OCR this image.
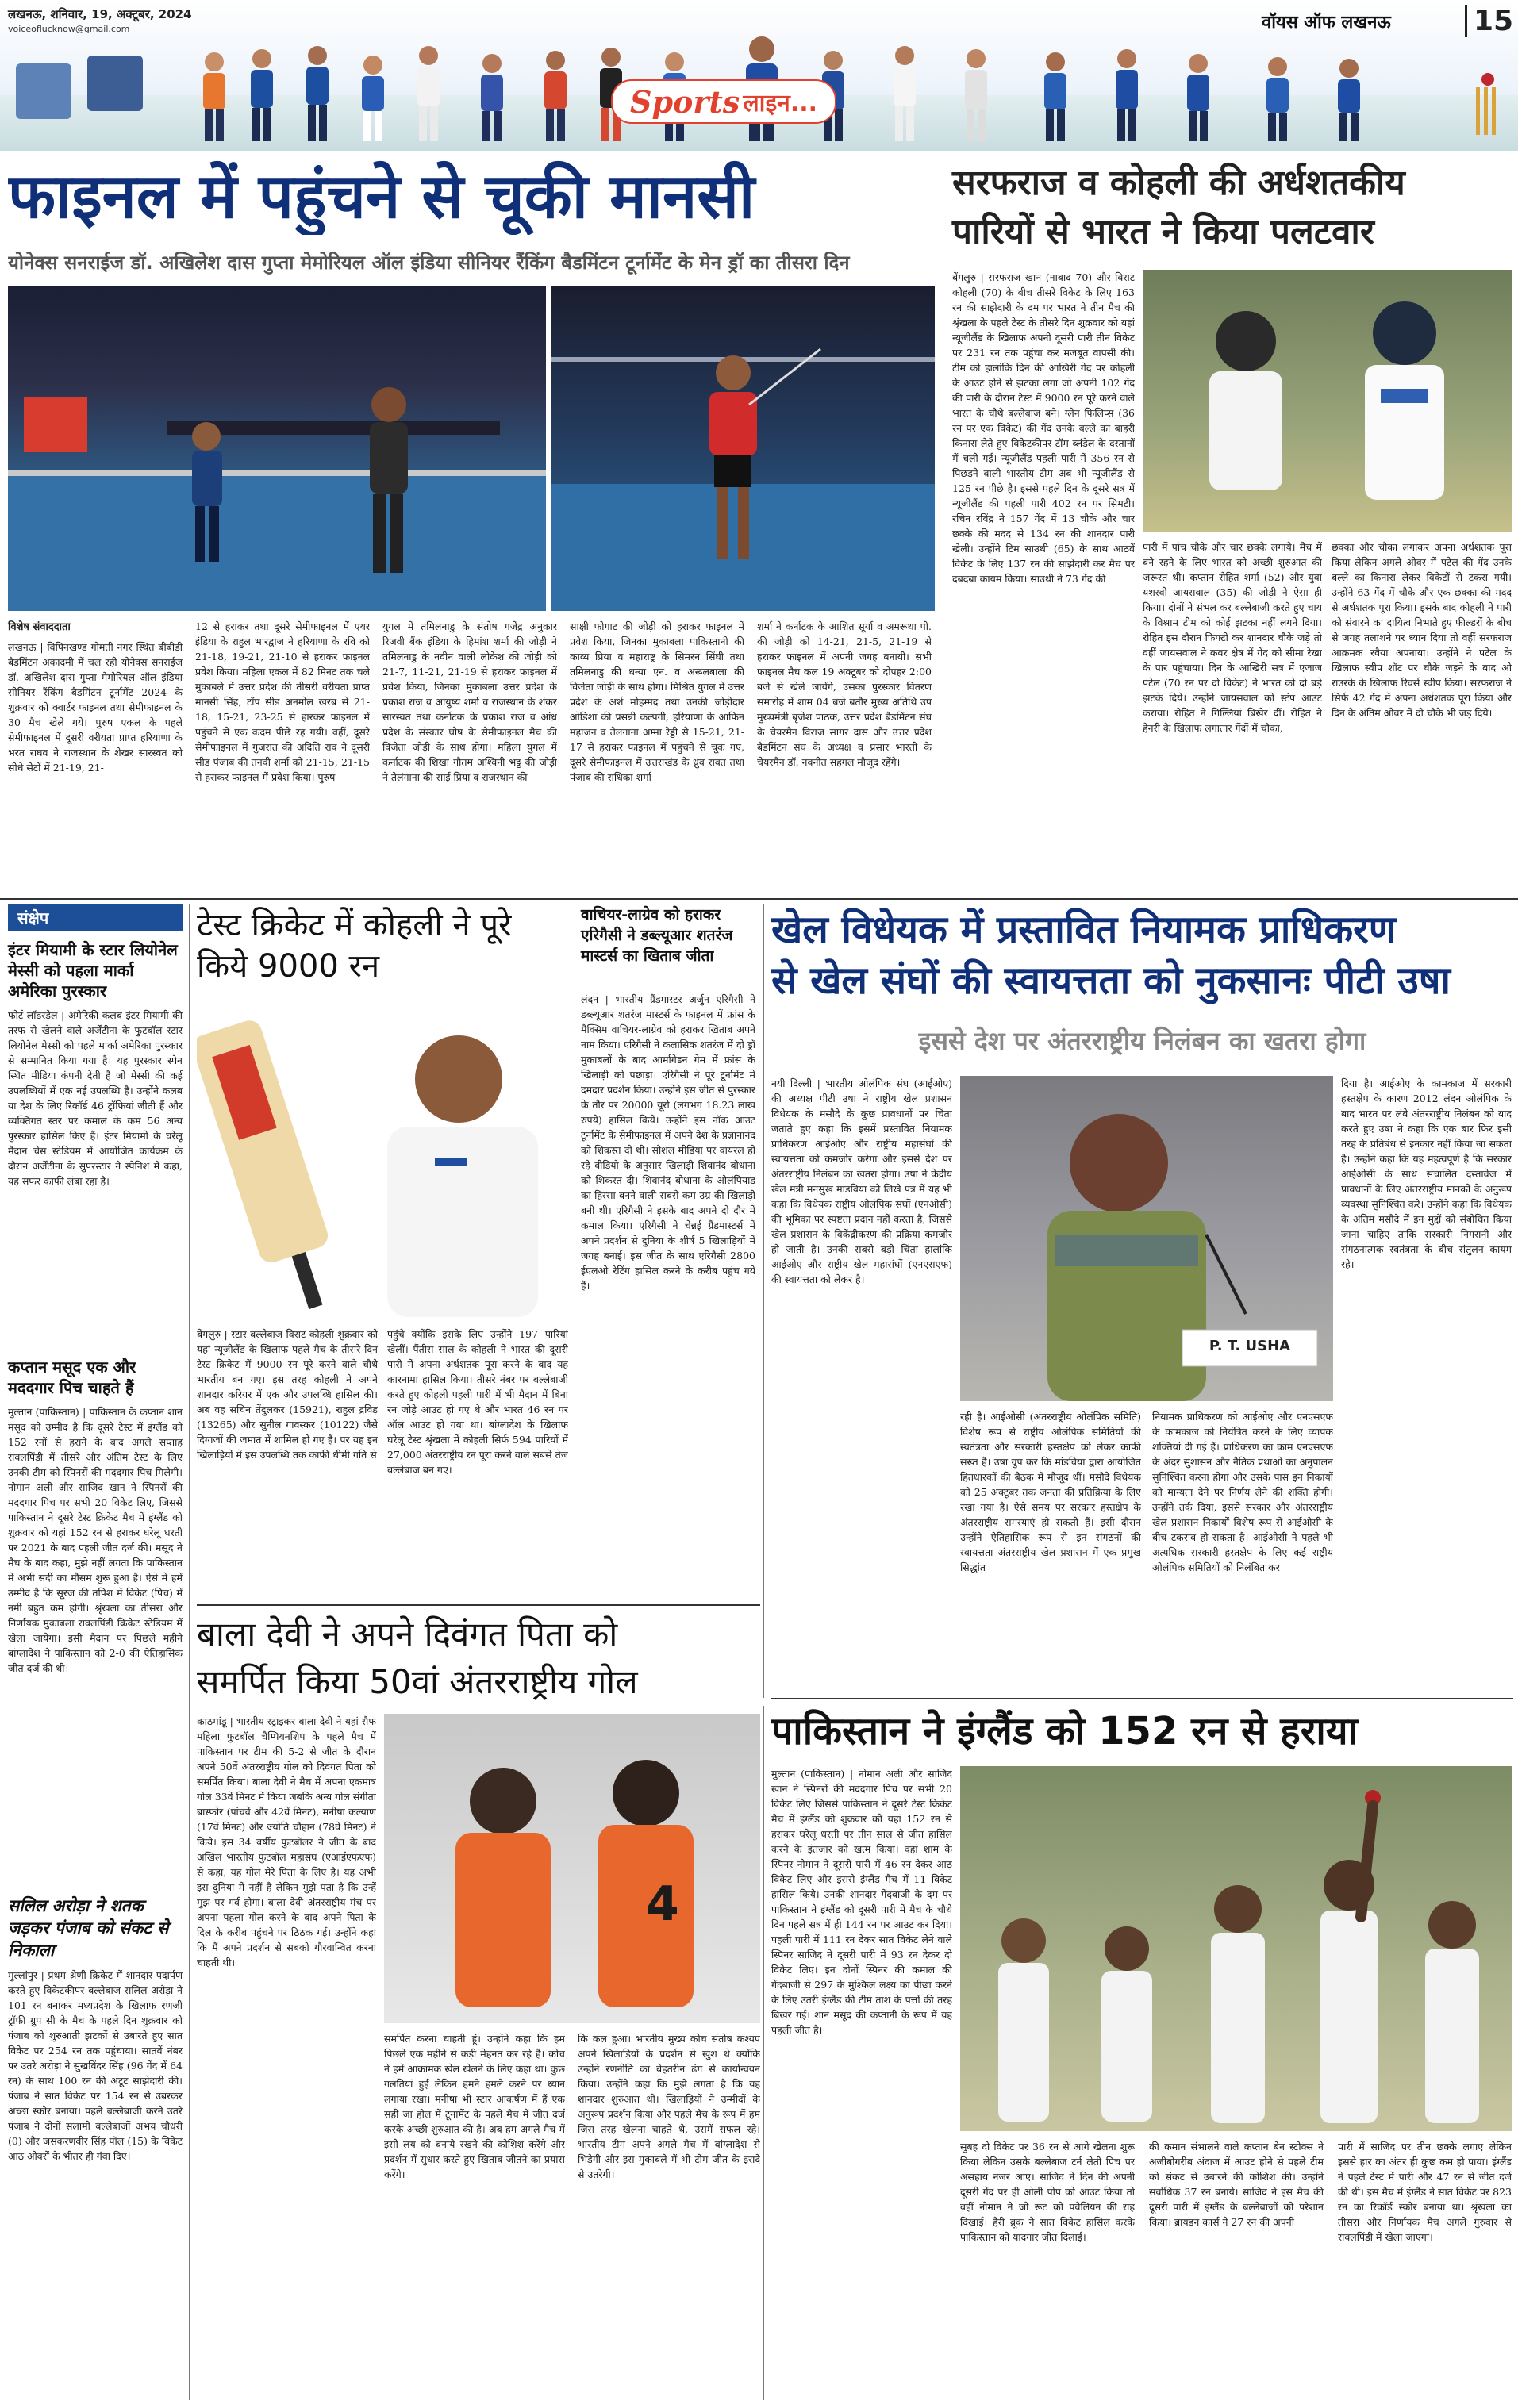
लखनऊ, शनिवार, 19, अक्टूबर, 2024
voiceoflucknow@gmail.com	वॉयस ऑफ लखनऊ	15
Sports लाइन...
फाइनल में पहुंचने से चूकी मानसी
योनेक्स सनराईज डॉ. अखिलेश दास गुप्ता मेमोरियल ऑल इंडिया सीनियर रैंकिंग बैडमिंटन टूर्नामेंट के मेन ड्रॉ का तीसरा दिन
विशेष संवाददाता
लखनऊ | विपिनखण्ड गोमती नगर स्थित बीबीडी बैडमिंटन अकादमी में चल रही योनेक्स सनराईज डॉ. अखिलेश दास गुप्ता मेमोरियल ऑल इंडिया सीनियर रैंकिंग बैडमिंटन टूर्नामेंट 2024 के शुक्रवार को क्वार्टर फाइनल तथा सेमीफाइनल के 30 मैच खेले गये। पुरुष एकल के पहले सेमीफाइनल में दूसरी वरीयता प्राप्त हरियाणा के भरत राघव ने राजस्थान के शेखर सारस्वत को सीधे सेटों में 21-19, 21-
12 से हराकर तथा दूसरे सेमीफाइनल में एयर इंडिया के राहुल भारद्वाज ने हरियाणा के रवि को 21-18, 19-21, 21-10 से हराकर फाइनल प्रवेश किया। महिला एकल में 82 मिनट तक चले मुकाबले में उत्तर प्रदेश की तीसरी वरीयता प्राप्त मानसी सिंह, टॉप सीड अनमोल खरब से 21-18, 15-21, 23-25 से हारकर फाइनल में पहुंचने से एक कदम पीछे रह गयी। वहीं, दूसरे सेमीफाइनल में गुजरात की अदिति राव ने दूसरी सीड पंजाब की तनवी शर्मा को 21-15, 21-15 से हराकर फाइनल में प्रवेश किया। पुरुष
युगल में तमिलनाडु के संतोष गजेंद्र अनुकार रिजवी बैंक इंडिया के हिमांश शर्मा की जोड़ी ने तमिलनाडु के नवीन वाली लोकेश की जोड़ी को 21-7, 11-21, 21-19 से हराकर फाइनल में प्रवेश किया, जिनका मुकाबला उत्तर प्रदेश के प्रकाश राज व आयुष्य शर्मा व राजस्थान के शंकर सारस्वत तथा कर्नाटक के प्रकाश राज व आंध्र प्रदेश के संस्कार घोष के सेमीफाइनल मैच की विजेता जोड़ी के साथ होगा। महिला युगल में कर्नाटक की शिखा गौतम अश्विनी भट्ट की जोड़ी ने तेलंगाना की साई प्रिया व राजस्थान की
साक्षी फोगाट की जोड़ी को हराकर फाइनल में प्रवेश किया, जिनका मुकाबला पाकिस्तानी की काव्य प्रिया व महाराष्ट्र के सिमरन सिंघी तथा तमिलनाडु की धन्या एन. व अरूलबाला की विजेता जोड़ी के साथ होगा। मिश्रित युगल में उत्तर प्रदेश के अर्श मोहम्मद तथा उनकी जोड़ीदार ओडिशा की प्रसन्नी कल्पगी, हरियाणा के आफिन महाजन व तेलंगाना अम्मा रेड्डी से 15-21, 21-17 से हराकर फाइनल में पहुंचने से चूक गए, दूसरे सेमीफाइनल में उत्तराखंड के ध्रुव रावत तथा पंजाब की राधिका शर्मा
शर्मा ने कर्नाटक के आशित सूर्या व अमरूथा पी. की जोड़ी को 14-21, 21-5, 21-19 से हराकर फाइनल में अपनी जगह बनायी। सभी फाइनल मैच कल 19 अक्टूबर को दोपहर 2:00 बजे से खेले जायेंगे, उसका पुरस्कार वितरण समारोह में शाम 04 बजे बतौर मुख्य अतिथि उप मुख्यमंत्री बृजेश पाठक, उत्तर प्रदेश बैडमिंटन संघ के चेयरमैन विराज सागर दास और उत्तर प्रदेश बैडमिंटन संघ के अध्यक्ष व प्रसार भारती के चेयरमैन डॉ. नवनीत सहगल मौजूद रहेंगे।
सरफराज व कोहली की अर्धशतकीय
पारियों से भारत ने किया पलटवार
बेंगलुरु | सरफराज खान (नाबाद 70) और विराट कोहली (70) के बीच तीसरे विकेट के लिए 163 रन की साझेदारी के दम पर भारत ने तीन मैच की श्रृंखला के पहले टेस्ट के तीसरे दिन शुक्रवार को यहां न्यूजीलैंड के खिलाफ अपनी दूसरी पारी तीन विकेट पर 231 रन तक पहुंचा कर मजबूत वापसी की। टीम को हालांकि दिन की आखिरी गेंद पर कोहली के आउट होने से झटका लगा जो अपनी 102 गेंद की पारी के दौरान टेस्ट में 9000 रन पूरे करने वाले भारत के चौथे बल्लेबाज बने। ग्लेन फिलिप्स (36 रन पर एक विकेट) की गेंद उनके बल्ले का बाहरी किनारा लेते हुए विकेटकीपर टॉम ब्लंडेल के दस्तानों में चली गई। न्यूजीलैंड पहली पारी में 356 रन से पिछड़ने वाली भारतीय टीम अब भी न्यूजीलैंड से 125 रन पीछे है। इससे पहले दिन के दूसरे सत्र में न्यूजीलैंड की पहली पारी 402 रन पर सिमटी। रचिन रविंद्र ने 157 गेंद में 13 चौके और चार छक्के की मदद से 134 रन की शानदार पारी खेली। उन्होंने टिम साउथी (65) के साथ आठवें विकेट के लिए 137 रन की साझेदारी कर मैच पर दबदबा कायम किया। साउथी ने 73 गेंद की
पारी में पांच चौके और चार छक्के लगाये। मैच में बने रहने के लिए भारत को अच्छी शुरुआत की जरूरत थी। कप्तान रोहित शर्मा (52) और युवा यशस्वी जायसवाल (35) की जोड़ी ने ऐसा ही किया। दोनों ने संभल कर बल्लेबाजी करते हुए चाय के विश्राम टीम को कोई झटका नहीं लगने दिया। रोहित इस दौरान फिफ्टी कर शानदार चौके जड़े तो वहीं जायसवाल ने कवर क्षेत्र में गेंद को सीमा रेखा के पार पहुंचाया। दिन के आखिरी सत्र में एजाज पटेल (70 रन पर दो विकेट) ने भारत को दो बड़े झटके दिये। उन्होंने जायसवाल को स्टंप आउट कराया। रोहित ने गिल्लियां बिखेर दीं। रोहित ने हेनरी के खिलाफ लगातार गेंदों में चौका,
छक्का और चौका लगाकर अपना अर्धशतक पूरा किया लेकिन अगले ओवर में पटेल की गेंद उनके बल्ले का किनारा लेकर विकेटों से टकरा गयी। उन्होंने 63 गेंद में चौके और एक छक्का की मदद से अर्धशतक पूरा किया। इसके बाद कोहली ने पारी को संवारने का दायित्व निभाते हुए फील्डरों के बीच से जगह तलाशने पर ध्यान दिया तो वहीं सरफराज आक्रमक रवैया अपनाया। उन्होंने ने पटेल के खिलाफ स्वीप शॉट पर चौके जड़ने के बाद ओ राउरके के खिलाफ रिवर्स स्वीप किया। सरफराज ने सिर्फ 42 गेंद में अपना अर्धशतक पूरा किया और दिन के अंतिम ओवर में दो चौके भी जड़ दिये।
संक्षेप
इंटर मियामी के स्टार लियोनेल मेस्सी को पहला मार्का अमेरिका पुरस्कार
फोर्ट लॉडरडेल | अमेरिकी कलब इंटर मियामी की तरफ से खेलने वाले अर्जेंटीना के फुटबॉल स्टार लियोनेल मेस्सी को पहले मार्का अमेरिका पुरस्कार से सम्मानित किया गया है। यह पुरस्कार स्पेन स्थित मीडिया कंपनी देती है जो मेस्सी की कई उपलब्धियों में एक नई उपलब्धि है। उन्होंने कलब या देश के लिए रिकॉर्ड 46 ट्रॉफियां जीती हैं और व्यक्तिगत स्तर पर कमाल के कम 56 अन्य पुरस्कार हासिल किए हैं। इंटर मियामी के घरेलू मैदान चेस स्टेडियम में आयोजित कार्यक्रम के दौरान अर्जेंटीना के सुपरस्टार ने स्पेनिश में कहा, यह सफर काफी लंबा रहा है।
कप्तान मसूद एक और मददगार पिच चाहते हैं
मुल्तान (पाकिस्तान) | पाकिस्तान के कप्तान शान मसूद को उम्मीद है कि दूसरे टेस्ट में इंग्लैंड को 152 रनों से हराने के बाद अगले सप्ताह रावलपिंडी में तीसरे और अंतिम टेस्ट के लिए उनकी टीम को स्पिनरों की मददगार पिच मिलेगी। नोमान अली और साजिद खान ने स्पिनरों की मददगार पिच पर सभी 20 विकेट लिए, जिससे पाकिस्तान ने दूसरे टेस्ट क्रिकेट मैच में इंग्लैंड को शुक्रवार को यहां 152 रन से हराकर घरेलू धरती पर 2021 के बाद पहली जीत दर्ज की। मसूद ने मैच के बाद कहा, मुझे नहीं लगता कि पाकिस्तान में अभी सर्दी का मौसम शुरू हुआ है। ऐसे में हमें उम्मीद है कि सूरज की तपिश में विकेट (पिच) में नमी बहुत कम होगी। श्रृंखला का तीसरा और निर्णायक मुकाबला रावलपिंडी क्रिकेट स्टेडियम में खेला जायेगा। इसी मैदान पर पिछले महीने बांग्लादेश ने पाकिस्तान को 2-0 की ऐतिहासिक जीत दर्ज की थी।
सलिल अरोड़ा ने शतक जड़कर पंजाब को संकट से निकाला
मुल्लांपुर | प्रथम श्रेणी क्रिकेट में शानदार पदार्पण करते हुए विकेटकीपर बल्लेबाज सलिल अरोड़ा ने 101 रन बनाकर मध्यप्रदेश के खिलाफ रणजी ट्रॉफी ग्रुप सी के मैच के पहले दिन शुक्रवार को पंजाब को शुरुआती झटकों से उबारते हुए सात विकेट पर 254 रन तक पहुंचाया। सातवें नंबर पर उतरे अरोड़ा ने सुखविंदर सिंह (96 गेंद में 64 रन) के साथ 100 रन की अटूट साझेदारी की। पंजाब ने सात विकेट पर 154 रन से उबरकर अच्छा स्कोर बनाया। पहले बल्लेबाजी करने उतरे पंजाब ने दोनों सलामी बल्लेबाजों अभय चौधरी (0) और जसकरणवीर सिंह पॉल (15) के विकेट आठ ओवरों के भीतर ही गंवा दिए।
टेस्ट क्रिकेट में कोहली ने पूरे किये 9000 रन
बेंगलुरु | स्टार बल्लेबाज विराट कोहली शुक्रवार को यहां न्यूजीलैंड के खिलाफ पहले मैच के तीसरे दिन टेस्ट क्रिकेट में 9000 रन पूरे करने वाले चौथे भारतीय बन गए। इस तरह कोहली ने अपने शानदार करियर में एक और उपलब्धि हासिल की। अब वह सचिन तेंदुलकर (15921), राहुल द्रविड़ (13265) और सुनील गावस्कर (10122) जैसे दिग्गजों की जमात में शामिल हो गए हैं। पर यह इन खिलाड़ियों में इस उपलब्धि तक काफी धीमी गति से
पहुंचे क्योंकि इसके लिए उन्होंने 197 पारियां खेलीं। पैंतीस साल के कोहली ने भारत की दूसरी पारी में अपना अर्धशतक पूरा करने के बाद यह कारनामा हासिल किया। तीसरे नंबर पर बल्लेबाजी करते हुए कोहली पहली पारी में भी मैदान में बिना रन जोड़े आउट हो गए थे और भारत 46 रन पर ऑल आउट हो गया था। बांग्लादेश के खिलाफ घरेलू टेस्ट श्रृंखला में कोहली सिर्फ 594 पारियों में 27,000 अंतरराष्ट्रीय रन पूरा करने वाले सबसे तेज बल्लेबाज बन गए।
वाचियर-लाग्रेव को हराकर एरिगैसी ने डब्ल्यूआर शतरंज मास्टर्स का खिताब जीता
लंदन | भारतीय ग्रैंडमास्टर अर्जुन एरिगैसी ने डब्ल्यूआर शतरंज मास्टर्स के फाइनल में फ्रांस के मैक्सिम वाचियर-लाग्रेव को हराकर खिताब अपने नाम किया। एरिगैसी ने कलासिक शतरंज में दो ड्रॉ मुकाबलों के बाद आर्मागेडन गेम में फ्रांस के खिलाड़ी को पछाड़ा। एरिगैसी ने पूरे टूर्नामेंट में दमदार प्रदर्शन किया। उन्होंने इस जीत से पुरस्कार के तौर पर 20000 यूरो (लगभग 18.23 लाख रुपये) हासिल किये। उन्होंने इस नॉक आउट टूर्नामेंट के सेमीफाइनल में अपने देश के प्रज्ञानानंद को शिकस्त दी थी। सोशल मीडिया पर वायरल हो रहे वीडियो के अनुसार खिलाड़ी शिवानंद बोधाना को शिकस्त दी। शिवानंद बोधाना के ओलंपियाड का हिस्सा बनने वाली सबसे कम उम्र की खिलाड़ी बनी थी। एरिगैसी ने इसके बाद अपने दो दौर में कमाल किया। एरिगैसी ने चेन्नई ग्रैंडमास्टर्स में अपने प्रदर्शन से दुनिया के शीर्ष 5 खिलाड़ियों में जगह बनाई। इस जीत के साथ एरिगैसी 2800 ईएलओ रेटिंग हासिल करने के करीब पहुंच गये हैं।
खेल विधेयक में प्रस्तावित नियामक प्राधिकरण
से खेल संघों की स्वायत्तता को नुकसानः पीटी उषा
इससे देश पर अंतरराष्ट्रीय निलंबन का खतरा होगा
नयी दिल्ली | भारतीय ओलंपिक संघ (आईओए) की अध्यक्ष पीटी उषा ने राष्ट्रीय खेल प्रशासन विधेयक के मसौदे के कुछ प्रावधानों पर चिंता जताते हुए कहा कि इसमें प्रस्तावित नियामक प्राधिकरण आईओए और राष्ट्रीय महासंघों की स्वायत्तता को कमजोर करेगा और इससे देश पर अंतरराष्ट्रीय निलंबन का खतरा होगा। उषा ने केंद्रीय खेल मंत्री मनसुख मांडविया को लिखे पत्र में यह भी कहा कि विधेयक राष्ट्रीय ओलंपिक संघों (एनओसी) की भूमिका पर स्पष्टता प्रदान नहीं करता है, जिससे खेल प्रशासन के विकेंद्रीकरण की प्रक्रिया कमजोर हो जाती है। उनकी सबसे बड़ी चिंता हालांकि आईओए और राष्ट्रीय खेल महासंघों (एनएसएफ) की स्वायत्तता को लेकर है।
P. T. USHA
रही है। आईओसी (अंतरराष्ट्रीय ओलंपिक समिति) विशेष रूप से राष्ट्रीय ओलंपिक समितियों की स्वतंत्रता और सरकारी हस्तक्षेप को लेकर काफी सख्त है। उषा ग्रुप कर कि मांडविया द्वारा आयोजित हितधारकों की बैठक में मौजूद थीं। मसौदे विधेयक को 25 अक्टूबर तक जनता की प्रतिक्रिया के लिए रखा गया है। ऐसे समय पर सरकार हस्तक्षेप के अंतरराष्ट्रीय समस्याएं हो सकती हैं। इसी दौरान उन्होंने ऐतिहासिक रूप से इन संगठनों की स्वायत्तता अंतरराष्ट्रीय खेल प्रशासन में एक प्रमुख सिद्धांत
नियामक प्राधिकरण को आईओए और एनएसएफ के कामकाज को नियंत्रित करने के लिए व्यापक शक्तियां दी गई हैं। प्राधिकरण का काम एनएसएफ के अंदर सुशासन और नैतिक प्रथाओं का अनुपालन सुनिश्चित करना होगा और उसके पास इन निकायों को मान्यता देने पर निर्णय लेने की शक्ति होगी। उन्होंने तर्क दिया, इससे सरकार और अंतरराष्ट्रीय खेल प्रशासन निकायों विशेष रूप से आईओसी के बीच टकराव हो सकता है। आईओसी ने पहले भी अत्यधिक सरकारी हस्तक्षेप के लिए कई राष्ट्रीय ओलंपिक समितियों को निलंबित कर
दिया है। आईओए के कामकाज में सरकारी हस्तक्षेप के कारण 2012 लंदन ओलंपिक के बाद भारत पर लंबे अंतरराष्ट्रीय निलंबन को याद करते हुए उषा ने कहा कि एक बार फिर इसी तरह के प्रतिबंध से इनकार नहीं किया जा सकता है। उन्होंने कहा कि यह महत्वपूर्ण है कि सरकार आईओसी के साथ संचालित दस्तावेज में प्रावधानों के लिए अंतरराष्ट्रीय मानकों के अनुरूप व्यवस्था सुनिश्चित करे। उन्होंने कहा कि विधेयक के अंतिम मसौदे में इन मुद्दों को संबोधित किया जाना चाहिए ताकि सरकारी निगरानी और संगठनात्मक स्वतंत्रता के बीच संतुलन कायम रहे।
बाला देवी ने अपने दिवंगत पिता को
समर्पित किया 50वां अंतरराष्ट्रीय गोल
काठमांडू | भारतीय स्ट्राइकर बाला देवी ने यहां सैफ महिला फुटबॉल चैम्पियनशिप के पहले मैच में पाकिस्तान पर टीम की 5-2 से जीत के दौरान अपने 50वें अंतरराष्ट्रीय गोल को दिवंगत पिता को समर्पित किया। बाला देवी ने मैच में अपना एकमात्र गोल 33वें मिनट में किया जबकि अन्य गोल संगीता बास्फोर (पांचवें और 42वें मिनट), मनीषा कल्याण (17वें मिनट) और ज्योति चौहान (78वें मिनट) ने किये। इस 34 वर्षीय फुटबॉलर ने जीत के बाद अखिल भारतीय फुटबॉल महासंघ (एआईएफएफ) से कहा, यह गोल मेरे पिता के लिए है। यह अभी इस दुनिया में नहीं है लेकिन मुझे पता है कि उन्हें मुझ पर गर्व होगा। बाला देवी अंतरराष्ट्रीय मंच पर अपना पहला गोल करने के बाद अपने पिता के दिल के करीब पहुंचने पर ठिठक गई। उन्होंने कहा कि मैं अपने प्रदर्शन से सबको गौरवान्वित करना चाहती थी।
4
समर्पित करना चाहती हूं। उन्होंने कहा कि हम पिछले एक महीने से कड़ी मेहनत कर रहे हैं। कोच ने हमें आक्रामक खेल खेलने के लिए कहा था। कुछ गलतियां हुईं लेकिन हमने हमले करने पर ध्यान लगाया रखा। मनीषा भी स्टार आकर्षण में हैं एक सही जा होल में टूनामेंट के पहले मैच में जीत दर्ज करके अच्छी शुरुआत की है। अब हम अगले मैच में इसी लय को बनाये रखने की कोशिश करेंगे और प्रदर्शन में सुधार करते हुए खिताब जीतने का प्रयास करेंगे।
कि कल हुआ। भारतीय मुख्य कोच संतोष कश्यप अपने खिलाड़ियों के प्रदर्शन से खुश थे क्योंकि उन्होंने रणनीति का बेहतरीन ढंग से कार्यान्वयन किया। उन्होंने कहा कि मुझे लगता है कि यह शानदार शुरुआत थी। खिलाड़ियों ने उम्मीदों के अनुरूप प्रदर्शन किया और पहले मैच के रूप में हम जिस तरह खेलना चाहते थे, उसमें सफल रहे। भारतीय टीम अपने अगले मैच में बांग्लादेश से भिड़ेगी और इस मुकाबले में भी टीम जीत के इरादे से उतरेगी।
पाकिस्तान ने इंग्लैंड को 152 रन से हराया
मुल्तान (पाकिस्तान) | नोमान अली और साजिद खान ने स्पिनरों की मददगार पिच पर सभी 20 विकेट लिए जिससे पाकिस्तान ने दूसरे टेस्ट क्रिकेट मैच में इंग्लैंड को शुक्रवार को यहां 152 रन से हराकर घरेलू धरती पर तीन साल से जीत हासिल करने के इंतजार को खत्म किया। वहां शाम के स्पिनर नोमान ने दूसरी पारी में 46 रन देकर आठ विकेट लिए और इससे इंग्लैंड मैच में 11 विकेट हासिल किये। उनकी शानदार गेंदबाजी के दम पर पाकिस्तान ने इंग्लैंड को दूसरी पारी में मैच के चौथे दिन पहले सत्र में ही 144 रन पर आउट कर दिया। पहली पारी में 111 रन देकर सात विकेट लेने वाले स्पिनर साजिद ने दूसरी पारी में 93 रन देकर दो विकेट लिए। इन दोनों स्पिनर की कमाल की गेंदबाजी से 297 के मुश्किल लक्ष्य का पीछा करने के लिए उतरी इंग्लैंड की टीम ताश के पत्तों की तरह बिखर गई। शान मसूद की कप्तानी के रूप में यह पहली जीत है।
सुबह दो विकेट पर 36 रन से आगे खेलना शुरू किया लेकिन उसके बल्लेबाज टर्न लेती पिच पर असहाय नजर आए। साजिद ने दिन की अपनी दूसरी गेंद पर ही ओली पोप को आउट किया तो वहीं नोमान ने जो रूट को पवेलियन की राह दिखाई। हैरी ब्रूक ने सात विकेट हासिल करके पाकिस्तान को यादगार जीत दिलाई।
की कमान संभालने वाले कप्तान बेन स्टोक्स ने अजीबोगरीब अंदाज में आउट होने से पहले टीम को संकट से उबारने की कोशिश की। उन्होंने सर्वाधिक 37 रन बनाये। साजिद ने इस मैच की दूसरी पारी में इंग्लैंड के बल्लेबाजों को परेशान किया। ब्रायडन कार्स ने 27 रन की अपनी
पारी में साजिद पर तीन छक्के लगाए लेकिन इससे हार का अंतर ही कुछ कम हो पाया। इंग्लैंड ने पहले टेस्ट में पारी और 47 रन से जीत दर्ज की थी। इस मैच में इंग्लैंड ने सात विकेट पर 823 रन का रिकॉर्ड स्कोर बनाया था। श्रृंखला का तीसरा और निर्णायक मैच अगले गुरुवार से रावलपिंडी में खेला जाएगा।
